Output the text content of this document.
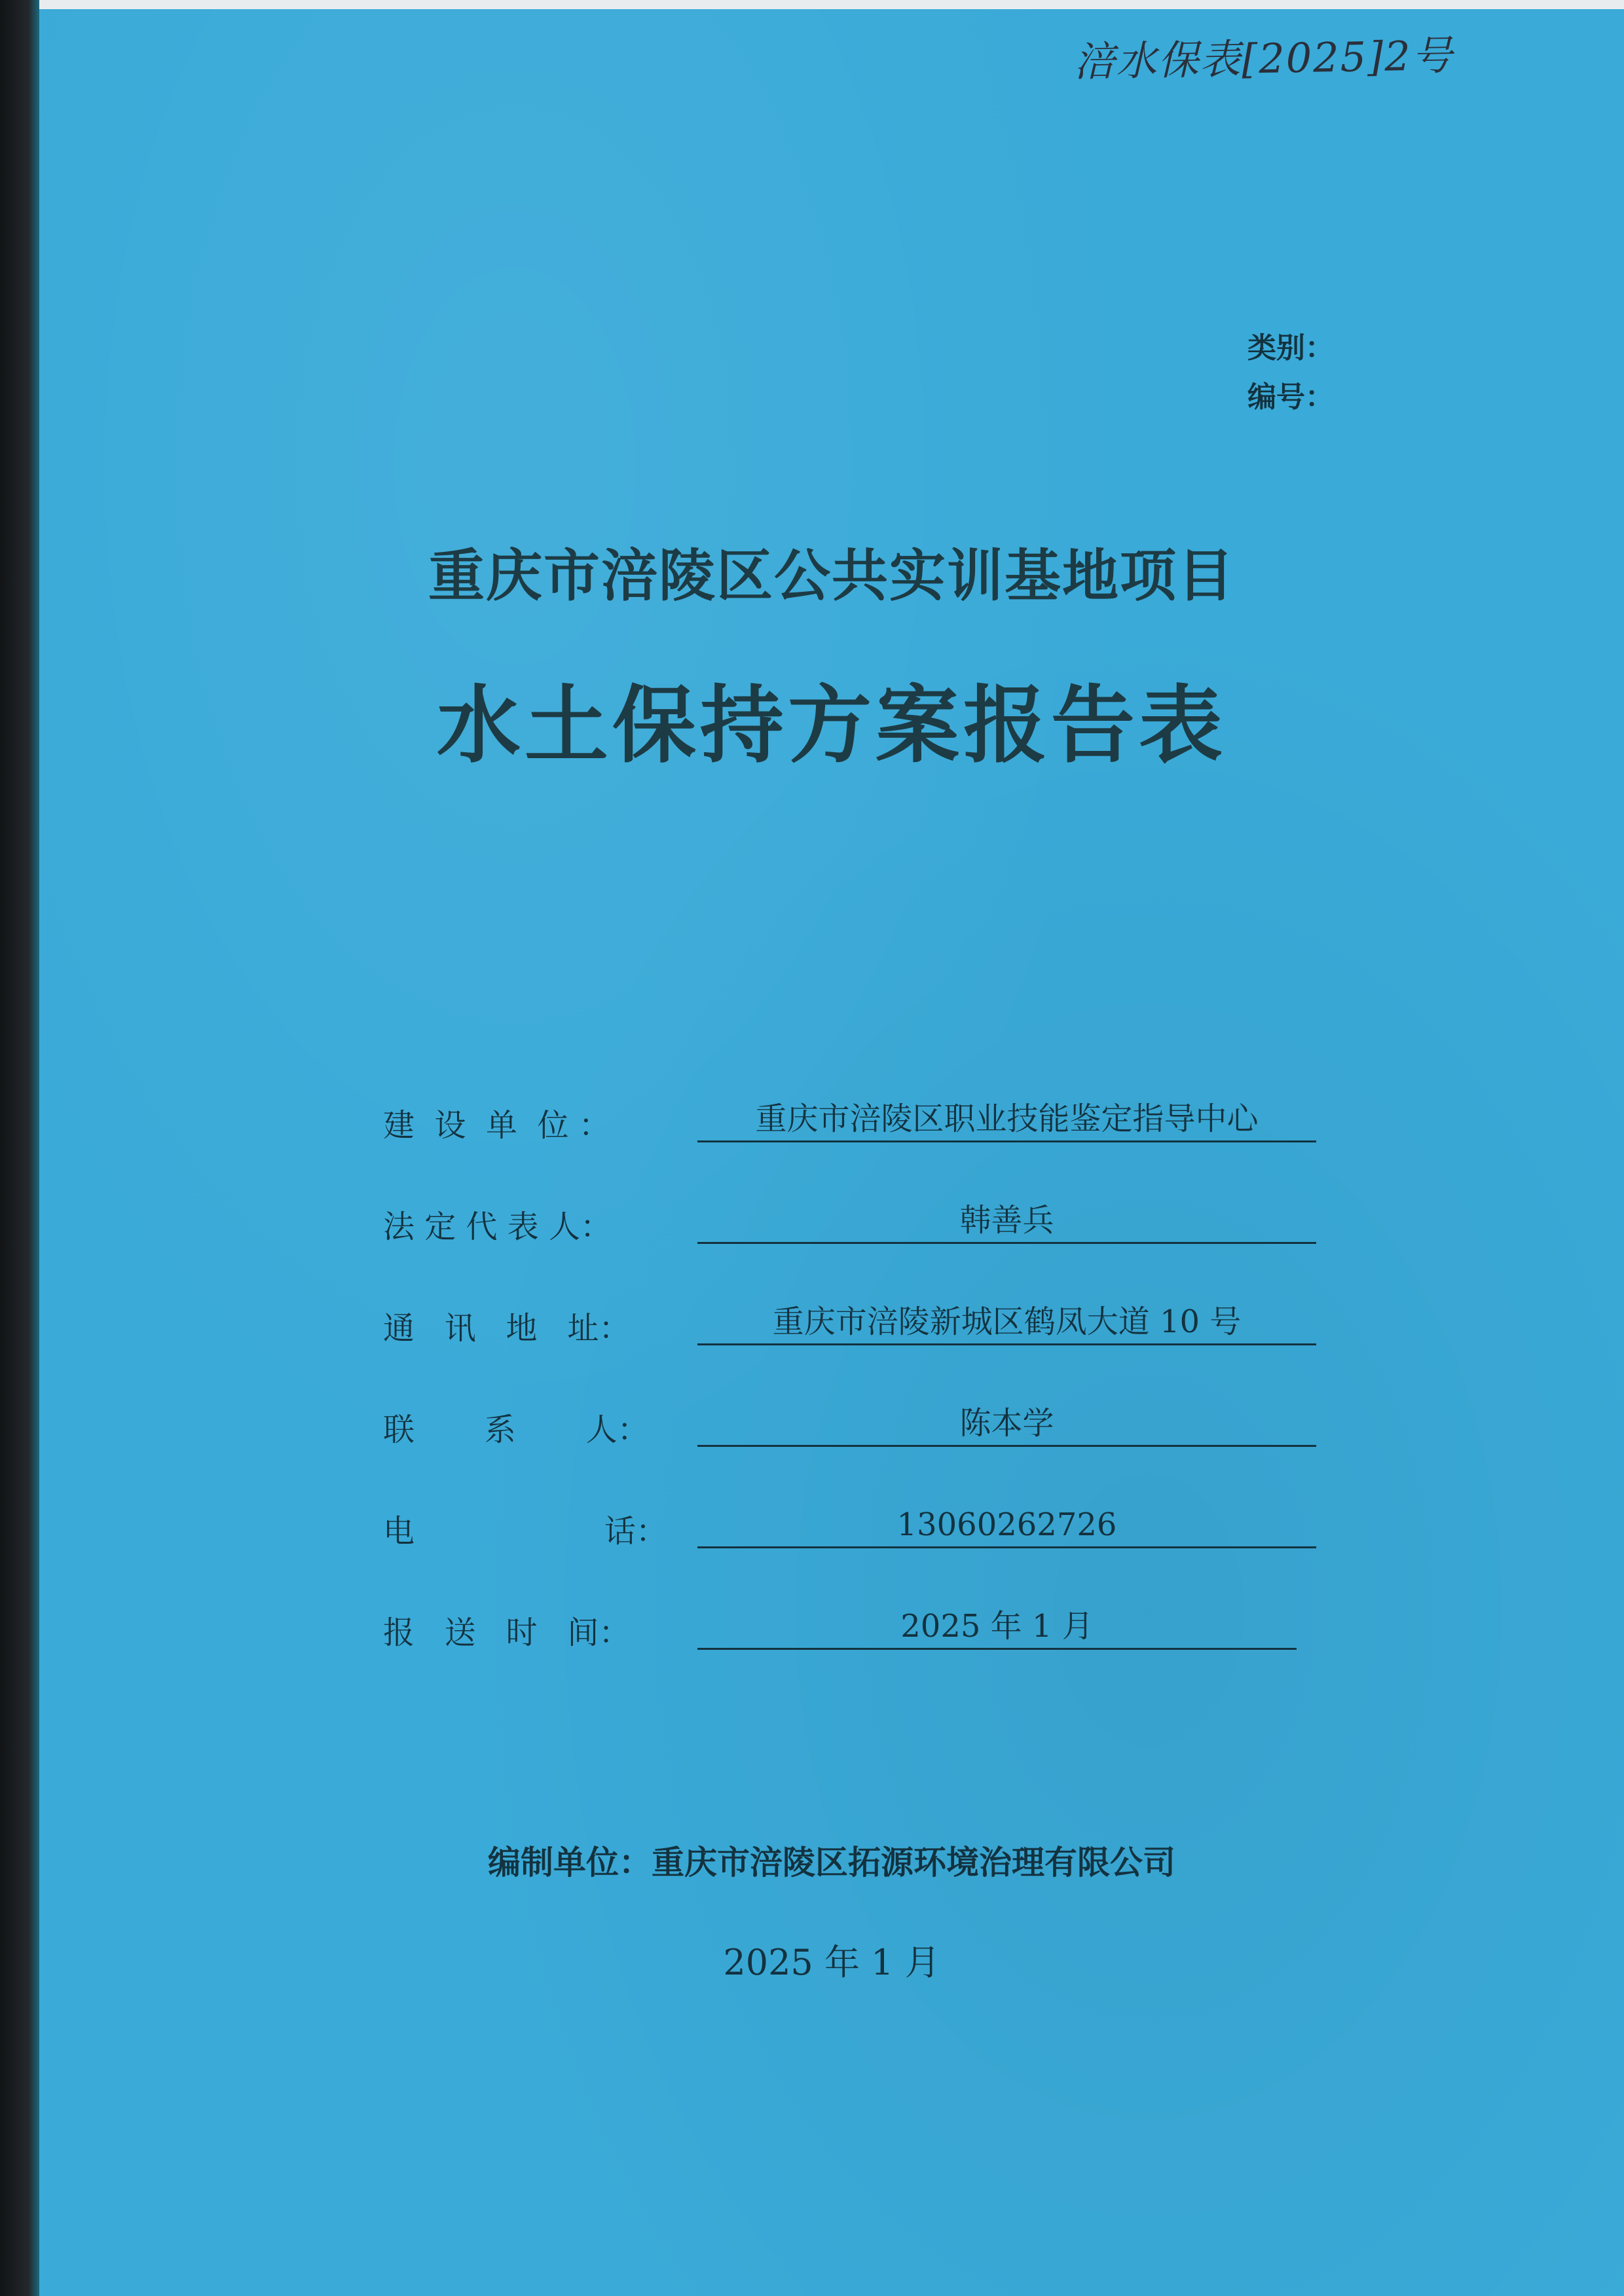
涪水保表[2025]2号
类别：
编号：
重庆市涪陵区公共实训基地项目
水土保持方案报告表
建  设  单  位 ：	重庆市涪陵区职业技能鉴定指导中心
法 定 代 表 人：	韩善兵
通   讯   地   址：	重庆市涪陵新城区鹤凤大道 10 号
联       系       人：	陈本学
电                   话：	13060262726
报   送   时   间：	2025 年 1 月
编制单位：重庆市涪陵区拓源环境治理有限公司
2025 年 1 月
